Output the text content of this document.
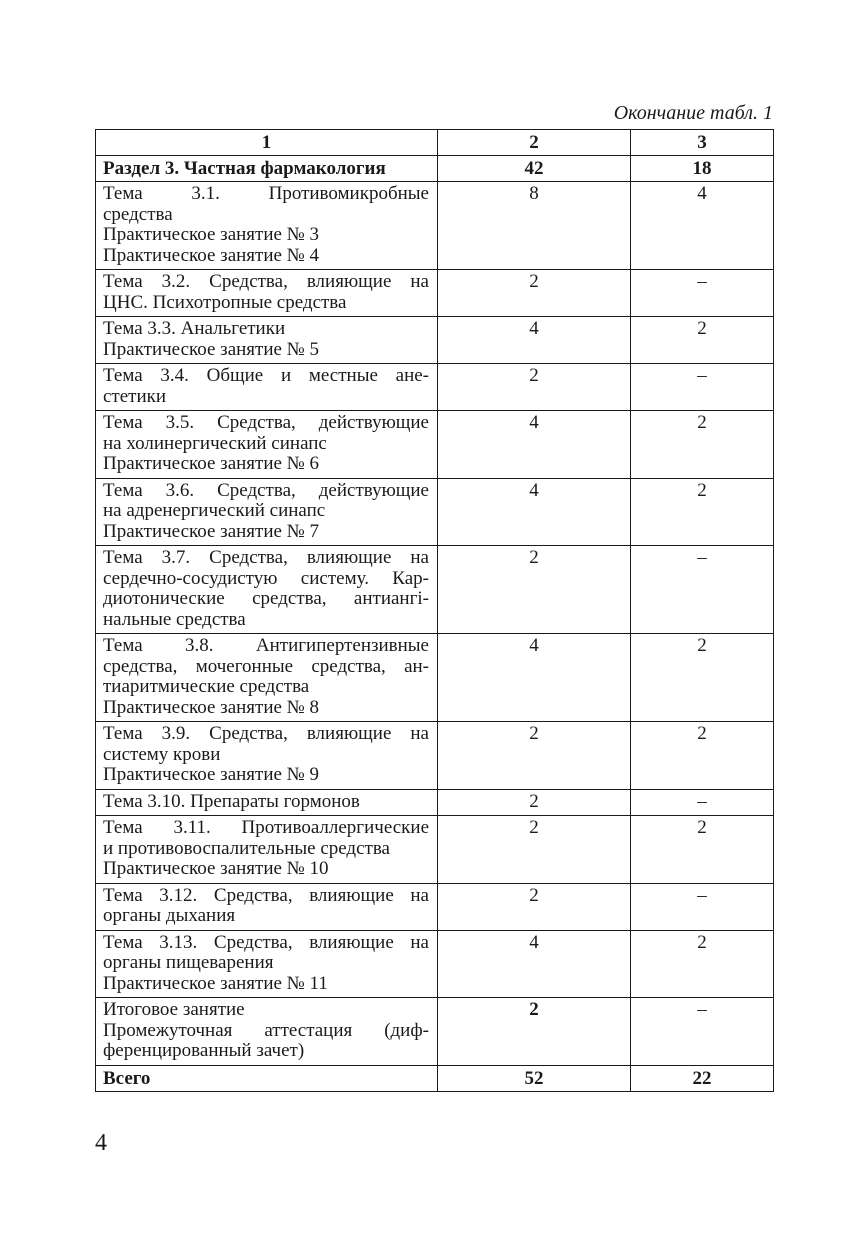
Окончание табл. 1
1	2	3
Раздел 3. Частная фармакология	42	18

Тема 3.1. Противомикробные
средства
Практическое занятие № 3
Практическое занятие № 4	8	4

Тема 3.2. Средства, влияющие на
ЦНС. Психотропные средства	2	–

Тема 3.3. Анальгетики
Практическое занятие № 5	4	2

Тема 3.4. Общие и местные ане-
стетики	2	–

Тема 3.5. Средства, действующие
на холинергический синапс
Практическое занятие № 6	4	2

Тема 3.6. Средства, действующие
на адренергический синапс
Практическое занятие № 7	4	2

Тема 3.7. Средства, влияющие на
сердечно-сосудистую систему. Кар-
диотонические средства, антиангi-
нальные средства	2	–

Тема 3.8. Антигипертензивные
средства, мочегонные средства, ан-
тиаритмические средства
Практическое занятие № 8	4	2

Тема 3.9. Средства, влияющие на
систему крови
Практическое занятие № 9	2	2

Тема 3.10. Препараты гормонов	2	–

Тема 3.11. Противоаллергические
и противовоспалительные средства
Практическое занятие № 10	2	2

Тема 3.12. Средства, влияющие на
органы дыхания	2	–

Тема 3.13. Средства, влияющие на
органы пищеварения
Практическое занятие № 11	4	2

Итоговое занятие
Промежуточная аттестация (диф-
ференцированный зачет)	2	–
Всего	52	22
4
